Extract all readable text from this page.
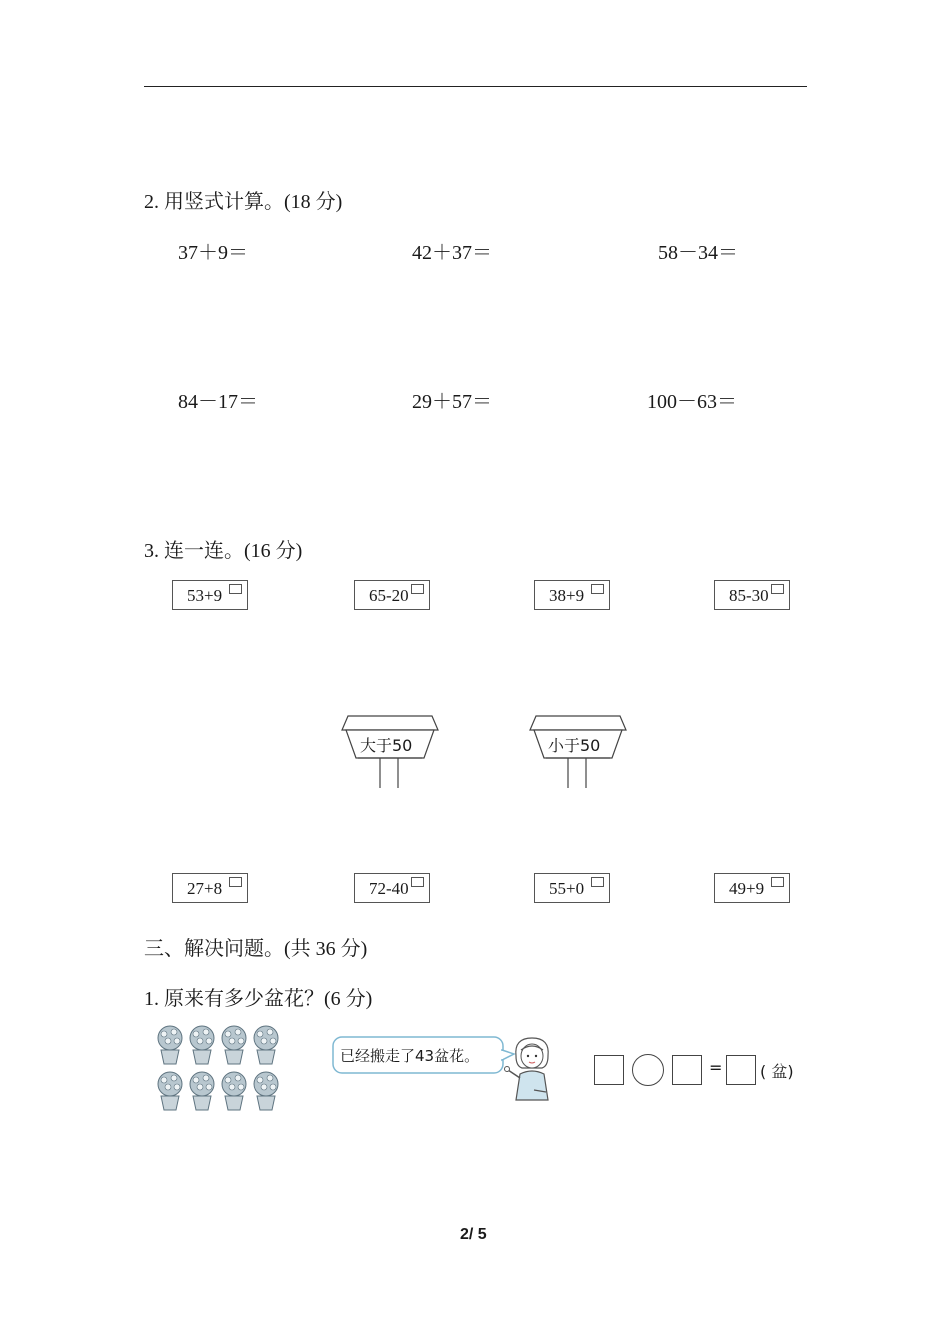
2. 用竖式计算。(18 分)
37＋9＝	42＋37＝	58－34＝
84－17＝	29＋57＝	100－63＝
3. 连一连。(16 分)
53+9	65-20	38+9	85-30
大于50	小于50
27+8	72-40	55+0	49+9
三、解决问题。(共 36 分)
1. 原来有多少盆花？(6 分)
已经搬走了43盆花。
= ( 盆)
2/ 5
